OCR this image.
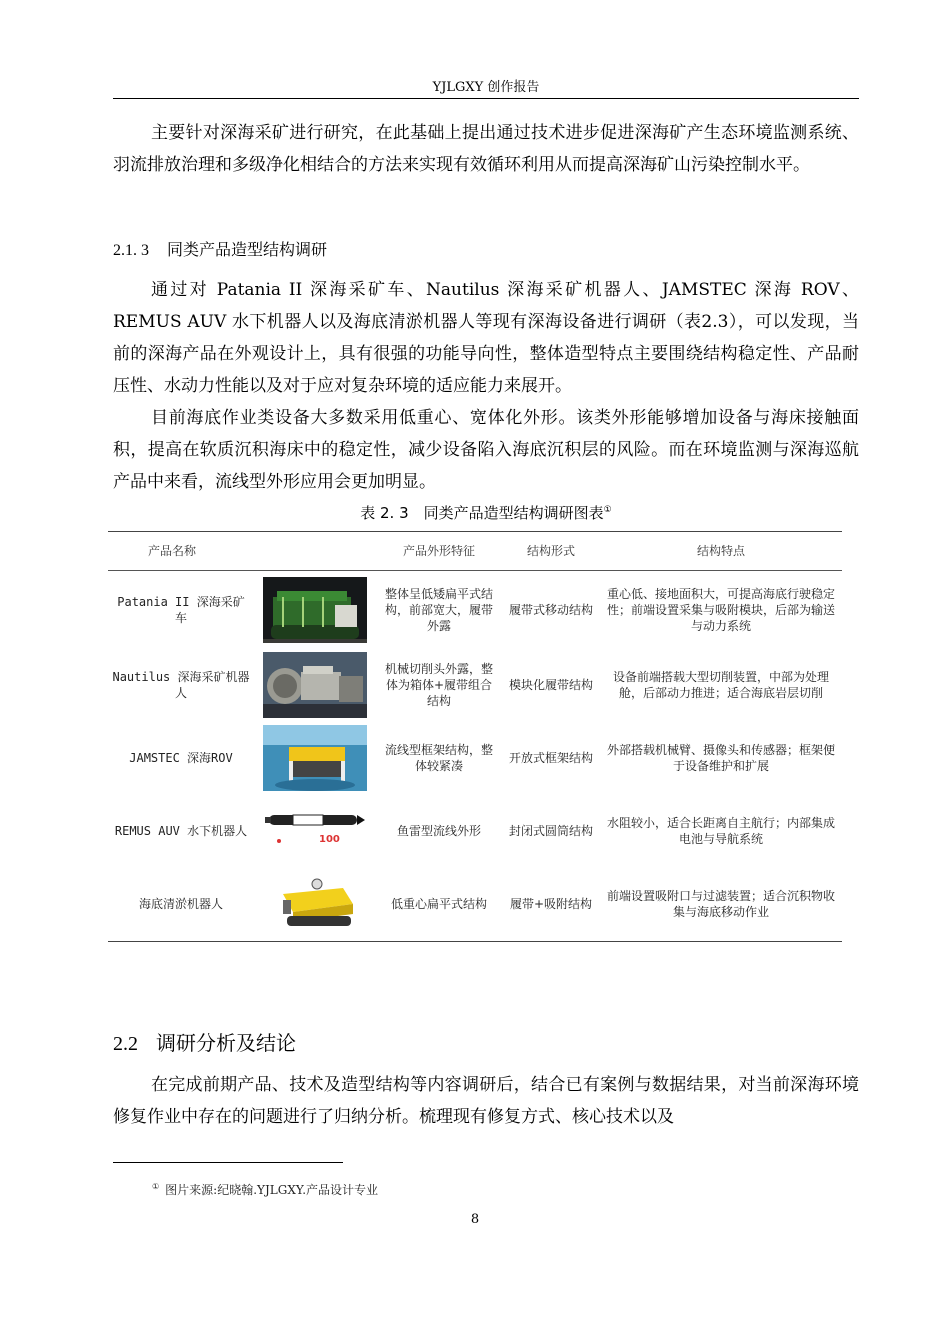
YJLGXY 创作报告

主要针对深海采矿进行研究，在此基础上提出通过技术进步促进深海矿产生态环境监测系统、羽流排放治理和多级净化相结合的方法来实现有效循环利用从而提高深海矿山污染控制水平。

2.1. 3 同类产品造型结构调研

通过对 Patania II 深海采矿车、Nautilus 深海采矿机器人、JAMSTEC 深海 ROV、REMUS AUV 水下机器人以及海底清淤机器人等现有深海设备进行调研（表2.3），可以发现，当前的深海产品在外观设计上，具有很强的功能导向性，整体造型特点主要围绕结构稳定性、产品耐压性、水动力性能以及对于应对复杂环境的适应能力来展开。

目前海底作业类设备大多数采用低重心、宽体化外形。该类外形能够增加设备与海床接触面积，提高在软质沉积海床中的稳定性，减少设备陷入海底沉积层的风险。而在环境监测与深海巡航产品中来看，流线型外形应用会更加明显。

表 2. 3　同类产品造型结构调研图表①
产品名称		产品外形特征	结构形式	结构特点
Patania II 深海采矿车		整体呈低矮扁平式结构，前部宽大，履带外露	履带式移动结构	重心低、接地面积大，可提高海底行驶稳定性；前端设置采集与吸附模块，后部为输送与动力系统
Nautilus 深海采矿机器人		机械切削头外露，整体为箱体+履带组合结构	模块化履带结构	设备前端搭载大型切削装置，中部为处理舱，后部动力推进；适合海底岩层切削
JAMSTEC 深海ROV		流线型框架结构，整体较紧凑	开放式框架结构	外部搭载机械臂、摄像头和传感器；框架便于设备维护和扩展
REMUS AUV 水下机器人	100	鱼雷型流线外形	封闭式圆筒结构	水阻较小，适合长距离自主航行；内部集成电池与导航系统
海底清淤机器人		低重心扁平式结构	履带+吸附结构	前端设置吸附口与过滤装置；适合沉积物收集与海底移动作业
2.2 调研分析及结论

在完成前期产品、技术及造型结构等内容调研后，结合已有案例与数据结果，对当前深海环境修复作业中存在的问题进行了归纳分析。梳理现有修复方式、核心技术以及

① 图片来源:纪晓翰.YJLGXY.产品设计专业
8
